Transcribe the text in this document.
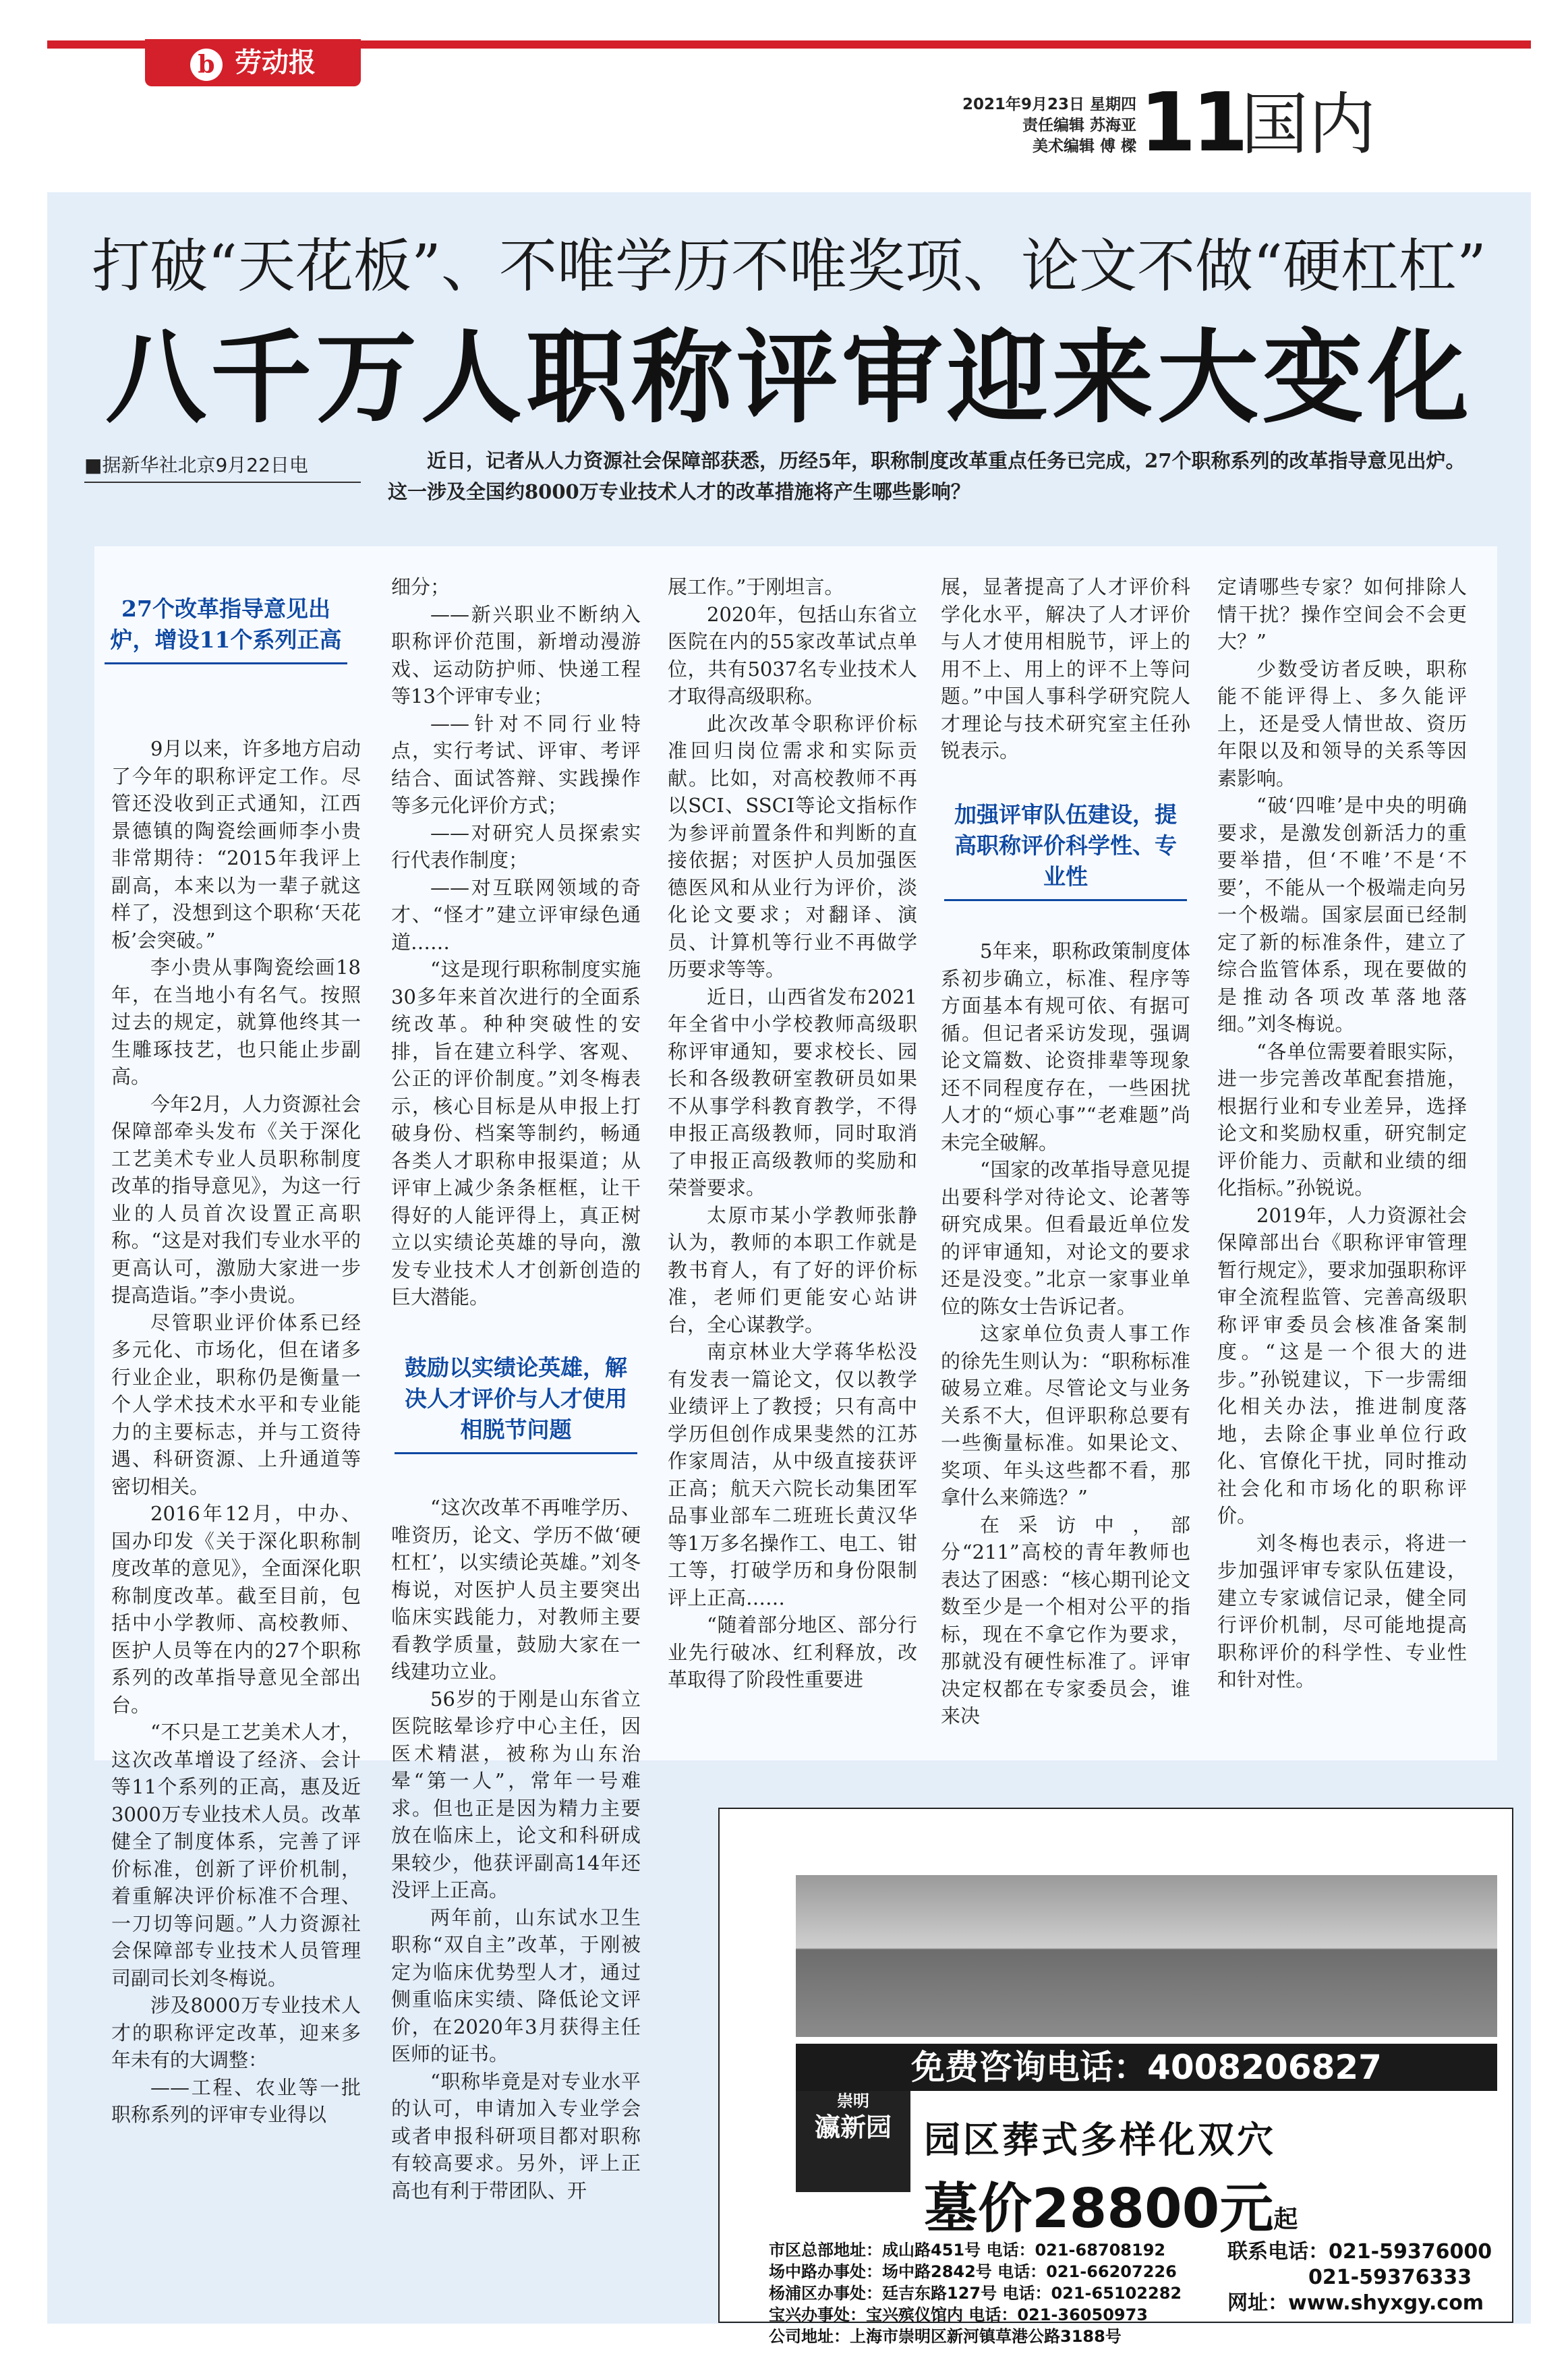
b 劳动报
2021年9月23日 星期四
责任编辑 苏海亚
美术编辑 傅 樑 11
国内
打破“天花板”、不唯学历不唯奖项、论文不做“硬杠杠”
八千万人职称评审迎来大变化
■据新华社北京9月22日电	近日，记者从人力资源社会保障部获悉，历经5年，职称制度改革重点任务已完成，27个职称系列的改革指导意见出炉。这一涉及全国约8000万专业技术人才的改革措施将产生哪些影响？
27个改革指导意见出炉，增设11个系列正高

9月以来，许多地方启动了今年的职称评定工作。尽管还没收到正式通知，江西景德镇的陶瓷绘画师李小贵非常期待：“2015年我评上副高，本来以为一辈子就这样了，没想到这个职称‘天花板’会突破。”

李小贵从事陶瓷绘画18年，在当地小有名气。按照过去的规定，就算他终其一生雕琢技艺，也只能止步副高。

今年2月，人力资源社会保障部牵头发布《关于深化工艺美术专业人员职称制度改革的指导意见》，为这一行业的人员首次设置正高职称。“这是对我们专业水平的更高认可，激励大家进一步提高造诣。”李小贵说。

尽管职业评价体系已经多元化、市场化，但在诸多行业企业，职称仍是衡量一个人学术技术水平和专业能力的主要标志，并与工资待遇、科研资源、上升通道等密切相关。

2016年12月，中办、国办印发《关于深化职称制度改革的意见》，全面深化职称制度改革。截至目前，包括中小学教师、高校教师、医护人员等在内的27个职称系列的改革指导意见全部出台。

“不只是工艺美术人才，这次改革增设了经济、会计等11个系列的正高，惠及近3000万专业技术人员。改革健全了制度体系，完善了评价标准，创新了评价机制，着重解决评价标准不合理、一刀切等问题。”人力资源社会保障部专业技术人员管理司副司长刘冬梅说。

涉及8000万专业技术人才的职称评定改革，迎来多年未有的大调整：

——工程、农业等一批职称系列的评审专业得以

细分；

——新兴职业不断纳入职称评价范围，新增动漫游戏、运动防护师、快递工程等13个评审专业；

——针对不同行业特点，实行考试、评审、考评结合、面试答辩、实践操作等多元化评价方式；

——对研究人员探索实行代表作制度；

——对互联网领域的奇才、“怪才”建立评审绿色通道……

“这是现行职称制度实施30多年来首次进行的全面系统改革。种种突破性的安排，旨在建立科学、客观、公正的评价制度。”刘冬梅表示，核心目标是从申报上打破身份、档案等制约，畅通各类人才职称申报渠道；从评审上减少条条框框，让干得好的人能评得上，真正树立以实绩论英雄的导向，激发专业技术人才创新创造的巨大潜能。

鼓励以实绩论英雄，解决人才评价与人才使用相脱节问题

“这次改革不再唯学历、唯资历，论文、学历不做‘硬杠杠’，以实绩论英雄。”刘冬梅说，对医护人员主要突出临床实践能力，对教师主要看教学质量，鼓励大家在一线建功立业。

56岁的于刚是山东省立医院眩晕诊疗中心主任，因医术精湛，被称为山东治晕“第一人”，常年一号难求。但也正是因为精力主要放在临床上，论文和科研成果较少，他获评副高14年还没评上正高。

两年前，山东试水卫生职称“双自主”改革，于刚被定为临床优势型人才，通过侧重临床实绩、降低论文评价，在2020年3月获得主任医师的证书。

“职称毕竟是对专业水平的认可，申请加入专业学会或者申报科研项目都对职称有较高要求。另外，评上正高也有利于带团队、开

展工作。”于刚坦言。

2020年，包括山东省立医院在内的55家改革试点单位，共有5037名专业技术人才取得高级职称。

此次改革令职称评价标准回归岗位需求和实际贡献。比如，对高校教师不再以SCI、SSCI等论文指标作为参评前置条件和判断的直接依据；对医护人员加强医德医风和从业行为评价，淡化论文要求；对翻译、演员、计算机等行业不再做学历要求等等。

近日，山西省发布2021年全省中小学校教师高级职称评审通知，要求校长、园长和各级教研室教研员如果不从事学科教育教学，不得申报正高级教师，同时取消了申报正高级教师的奖励和荣誉要求。

太原市某小学教师张静认为，教师的本职工作就是教书育人，有了好的评价标准，老师们更能安心站讲台，全心谋教学。

南京林业大学蒋华松没有发表一篇论文，仅以教学业绩评上了教授；只有高中学历但创作成果斐然的江苏作家周洁，从中级直接获评正高；航天六院长动集团军品事业部车二班班长黄汉华等1万多名操作工、电工、钳工等，打破学历和身份限制评上正高……

“随着部分地区、部分行业先行破冰、红利释放，改革取得了阶段性重要进

展，显著提高了人才评价科学化水平，解决了人才评价与人才使用相脱节，评上的用不上、用上的评不上等问题。”中国人事科学研究院人才理论与技术研究室主任孙锐表示。

加强评审队伍建设，提高职称评价科学性、专业性

5年来，职称政策制度体系初步确立，标准、程序等方面基本有规可依、有据可循。但记者采访发现，强调论文篇数、论资排辈等现象还不同程度存在，一些困扰人才的“烦心事”“老难题”尚未完全破解。

“国家的改革指导意见提出要科学对待论文、论著等研究成果。但看最近单位发的评审通知，对论文的要求还是没变。”北京一家事业单位的陈女士告诉记者。

这家单位负责人事工作的徐先生则认为：“职称标准破易立难。尽管论文与业务关系不大，但评职称总要有一些衡量标准。如果论文、奖项、年头这些都不看，那拿什么来筛选？”

在采访中，部分“211”高校的青年教师也表达了困惑：“核心期刊论文数至少是一个相对公平的指标，现在不拿它作为要求，那就没有硬性标准了。评审决定权都在专家委员会，谁来决

定请哪些专家？如何排除人情干扰？操作空间会不会更大？”

少数受访者反映，职称能不能评得上、多久能评上，还是受人情世故、资历年限以及和领导的关系等因素影响。

“破‘四唯’是中央的明确要求，是激发创新活力的重要举措，但‘不唯’不是‘不要’，不能从一个极端走向另一个极端。国家层面已经制定了新的标准条件，建立了综合监管体系，现在要做的是推动各项改革落地落细。”刘冬梅说。

“各单位需要着眼实际，进一步完善改革配套措施，根据行业和专业差异，选择论文和奖励权重，研究制定评价能力、贡献和业绩的细化指标。”孙锐说。

2019年，人力资源社会保障部出台《职称评审管理暂行规定》，要求加强职称评审全流程监管、完善高级职称评审委员会核准备案制度。“这是一个很大的进步。”孙锐建议，下一步需细化相关办法，推进制度落地，去除企事业单位行政化、官僚化干扰，同时推动社会化和市场化的职称评价。

刘冬梅也表示，将进一步加强评审专家队伍建设，建立专家诚信记录，健全同行评价机制，尽可能地提高职称评价的科学性、专业性和针对性。

免费咨询电话：4008206827
崇明
瀛新园 园区葬式多样化双穴
墓价28800元起
市区总部地址：成山路451号 电话：021-68708192
场中路办事处：场中路2842号 电话：021-66207226
杨浦区办事处：廷吉东路127号 电话：021-65102282
宝兴办事处：宝兴殡仪馆内 电话：021-36050973
公司地址：上海市崇明区新河镇草港公路3188号
联系电话：021-59376000
021-59376333
网址：www.shyxgy.com
